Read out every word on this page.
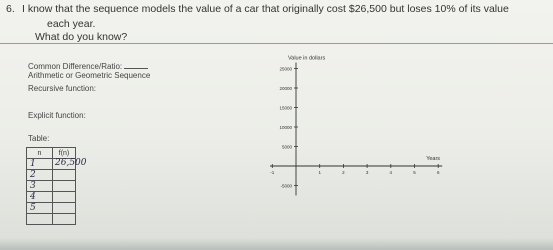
6. I know that the sequence models the value of a car that originally cost $26,500 but loses 10% of its value
each year.
What do you know?
Common Difference/Ratio:
Arithmetic or Geometric Sequence
Recursive function:
Explicit function:
Table:
n	f(n)
1	26,500

2	
3	
4	
5	

25000
20000
15000
10000
5000
-5000
-1	1	2	3	4	5	6
Value in dollars
Years
